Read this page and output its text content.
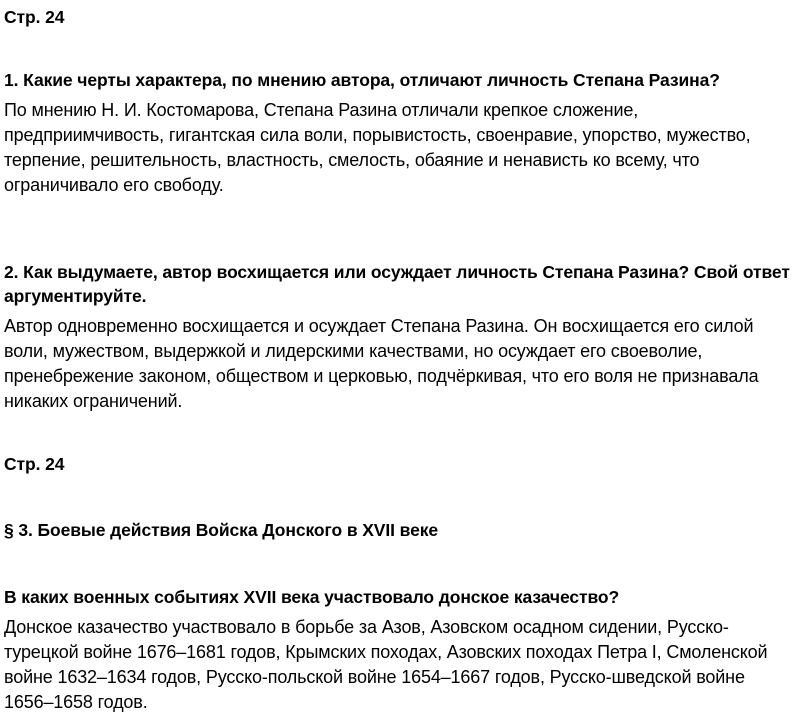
Стр. 24

1. Какие черты характера, по мнению автора, отличают личность Степана Разина?

По мнению Н. И. Костомарова, Степана Разина отличали крепкое сложение, предприимчивость, гигантская сила воли, порывистость, своенравие, упорство, мужество, терпение, решительность, властность, смелость, обаяние и ненависть ко всему, что ограничивало его свободу.

2. Как выдумаете, автор восхищается или осуждает личность Степана Разина? Свой ответ аргументируйте.

Автор одновременно восхищается и осуждает Степана Разина. Он восхищается его силой воли, мужеством, выдержкой и лидерскими качествами, но осуждает его своеволие, пренебрежение законом, обществом и церковью, подчёркивая, что его воля не признавала никаких ограничений.

Стр. 24

§ 3. Боевые действия Войска Донского в XVII веке

В каких военных событиях XVII века участвовало донское казачество?

Донское казачество участвовало в борьбе за Азов, Азовском осадном сидении, Русско-турецкой войне 1676–1681 годов, Крымских походах, Азовских походах Петра I, Смоленской войне 1632–1634 годов, Русско-польской войне 1654–1667 годов, Русско-шведской войне 1656–1658 годов.
